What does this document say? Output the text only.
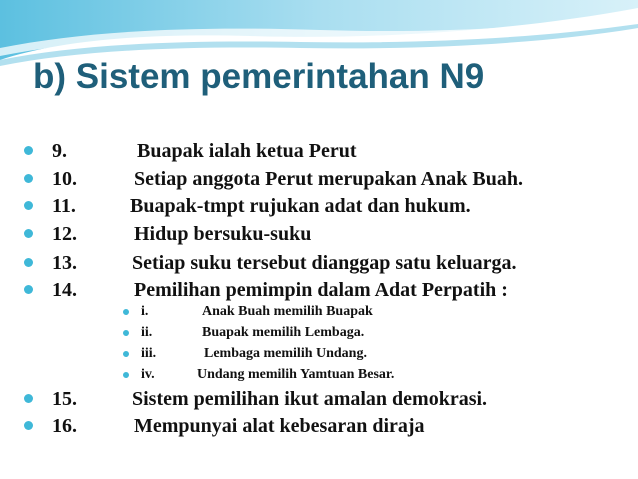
b) Sistem pemerintahan N9
9.	Buapak ialah ketua Perut
10.	Setiap anggota Perut merupakan Anak Buah.
11.	Buapak-tmpt rujukan adat dan hukum.
12.	Hidup bersuku-suku
13.	Setiap suku tersebut dianggap satu keluarga.
14.	Pemilihan pemimpin dalam Adat Perpatih :
i.	Anak Buah memilih Buapak
ii.	Buapak memilih Lembaga.
iii.	Lembaga memilih Undang.
iv.	Undang memilih Yamtuan Besar.
15.	Sistem pemilihan ikut amalan demokrasi.
16.	Mempunyai alat kebesaran diraja
